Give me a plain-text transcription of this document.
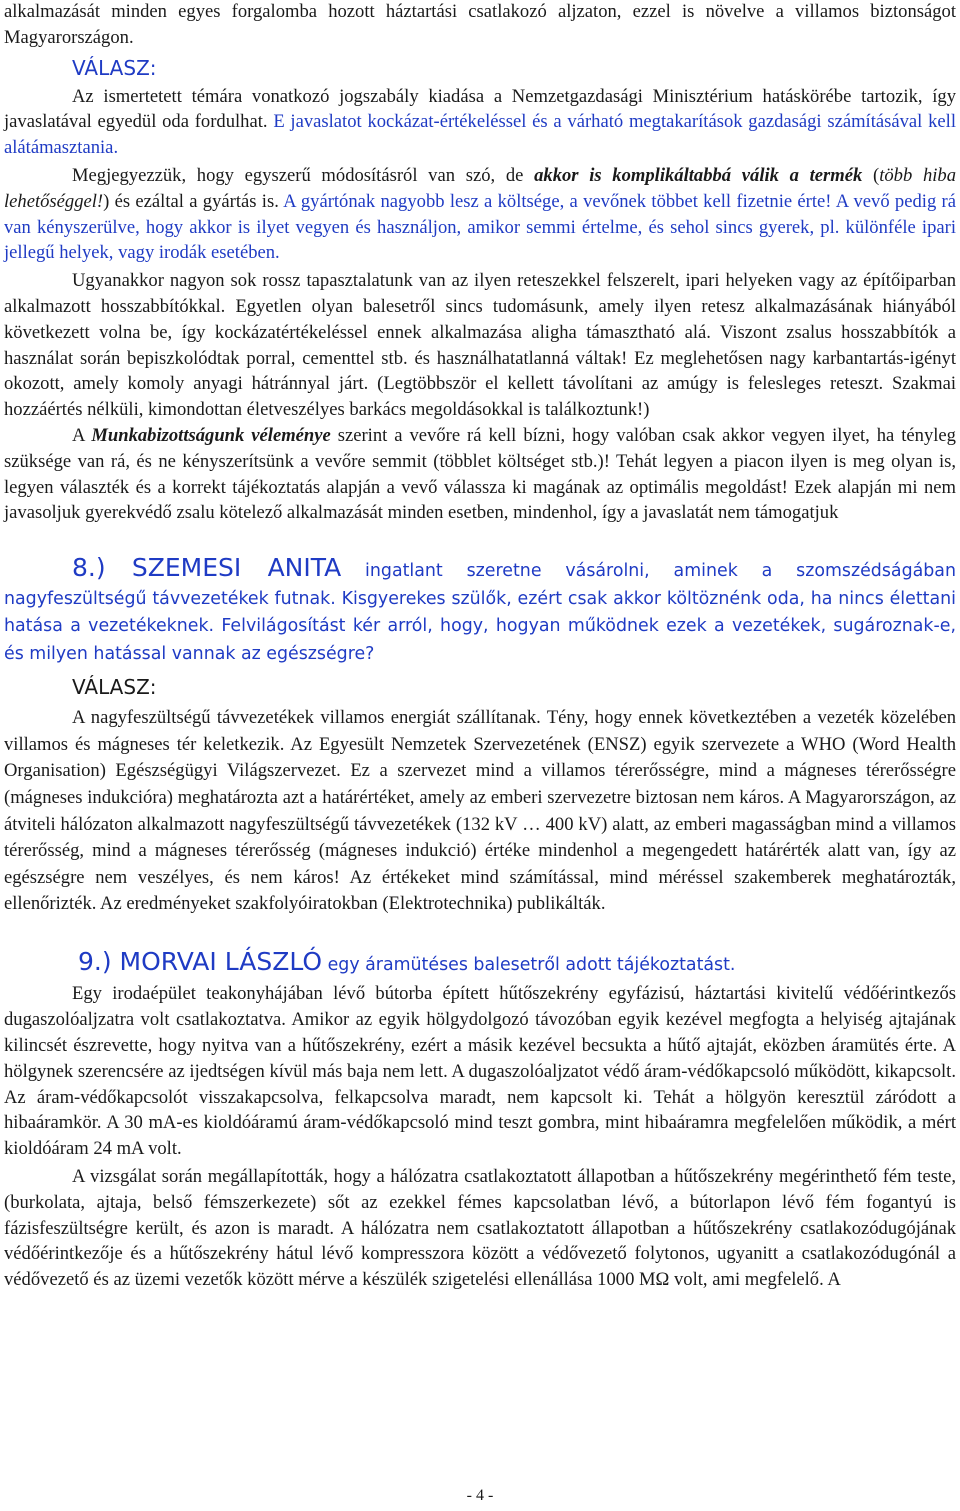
alkalmazását minden egyes forgalomba hozott háztartási csatlakozó aljzaton, ezzel is növelve a villamos biztonságot Magyarországon.

VÁLASZ:

Az ismertetett témára vonatkozó jogszabály kiadása a Nemzetgazdasági Minisztérium hatáskörébe tartozik, így javaslatával egyedül oda fordulhat. E javaslatot kockázat-értékeléssel és a várható megtakarítások gazdasági számításával kell alátámasztania.

Megjegyezzük, hogy egyszerű módosításról van szó, de akkor is komplikáltabbá válik a termék (több hiba lehetőséggel!) és ezáltal a gyártás is. A gyártónak nagyobb lesz a költsége, a vevőnek többet kell fizetnie érte! A vevő pedig rá van kényszerülve, hogy akkor is ilyet vegyen és használjon, amikor semmi értelme, és sehol sincs gyerek, pl. különféle ipari jellegű helyek, vagy irodák esetében.

Ugyanakkor nagyon sok rossz tapasztalatunk van az ilyen reteszekkel felszerelt, ipari helyeken vagy az építőiparban alkalmazott hosszabbítókkal. Egyetlen olyan balesetről sincs tudomásunk, amely ilyen retesz alkalmazásának hiányából következett volna be, így kockázatértékeléssel ennek alkalmazása aligha támasztható alá. Viszont zsalus hosszabbítók a használat során bepiszkolódtak porral, cementtel stb. és használhatatlanná váltak! Ez meglehetősen nagy karbantartás-igényt okozott, amely komoly anyagi hátránnyal járt. (Legtöbbször el kellett távolítani az amúgy is felesleges reteszt. Szakmai hozzáértés nélküli, kimondottan életveszélyes barkács megoldásokkal is találkoztunk!)

A Munkabizottságunk véleménye szerint a vevőre rá kell bízni, hogy valóban csak akkor vegyen ilyet, ha tényleg szüksége van rá, és ne kényszerítsünk a vevőre semmit (többlet költséget stb.)! Tehát legyen a piacon ilyen is meg olyan is, legyen választék és a korrekt tájékoztatás alapján a vevő válassza ki magának az optimális megoldást! Ezek alapján mi nem javasoljuk gyerekvédő zsalu kötelező alkalmazását minden esetben, mindenhol, így a javaslatát nem támogatjuk

8.) SZEMESI ANITA ingatlant szeretne vásárolni, aminek a szomszédságában nagyfeszültségű távvezetékek futnak. Kisgyerekes szülők, ezért csak akkor költöznénk oda, ha nincs élettani hatása a vezetékeknek. Felvilágosítást kér arról, hogy, hogyan működnek ezek a vezetékek, sugároznak-e, és milyen hatással vannak az egészségre?

VÁLASZ:

A nagyfeszültségű távvezetékek villamos energiát szállítanak. Tény, hogy ennek következtében a vezeték közelében villamos és mágneses tér keletkezik. Az Egyesült Nemzetek Szervezetének (ENSZ) egyik szervezete a WHO (Word Health Organisation) Egészségügyi Világszervezet. Ez a szervezet mind a villamos térerősségre, mind a mágneses térerősségre (mágneses indukcióra) meghatározta azt a határértéket, amely az emberi szervezetre biztosan nem káros. A Magyarországon, az átviteli hálózaton alkalmazott nagyfeszültségű távvezetékek (132 kV … 400 kV) alatt, az emberi magasságban mind a villamos térerősség, mind a mágneses térerősség (mágneses indukció) értéke mindenhol a megengedett határérték alatt van, így az egészségre nem veszélyes, és nem káros! Az értékeket mind számítással, mind méréssel szakemberek meghatározták, ellenőrizték. Az eredményeket szakfolyóiratokban (Elektrotechnika) publikálták.

9.) MORVAI LÁSZLÓ egy áramütéses balesetről adott tájékoztatást.

Egy irodaépület teakonyhájában lévő bútorba épített hűtőszekrény egyfázisú, háztartási kivitelű védőérintkezős dugaszolóaljzatra volt csatlakoztatva. Amikor az egyik hölgydolgozó távozóban egyik kezével megfogta a helyiség ajtajának kilincsét észrevette, hogy nyitva van a hűtőszekrény, ezért a másik kezével becsukta a hűtő ajtaját, eközben áramütés érte. A hölgynek szerencsére az ijedtségen kívül más baja nem lett. A dugaszolóaljzatot védő áram-védőkapcsoló működött, kikapcsolt. Az áram-védőkapcsolót visszakapcsolva, felkapcsolva maradt, nem kapcsolt ki. Tehát a hölgyön keresztül záródott a hibaáramkör. A 30 mA-es kioldóáramú áram-védőkapcsoló mind teszt gombra, mint hibaáramra megfelelően működik, a mért kioldóáram 24 mA volt.

A vizsgálat során megállapították, hogy a hálózatra csatlakoztatott állapotban a hűtőszekrény megérinthető fém teste, (burkolata, ajtaja, belső fémszerkezete) sőt az ezekkel fémes kapcsolatban lévő, a bútorlapon lévő fém fogantyú is fázisfeszültségre került, és azon is maradt. A hálózatra nem csatlakoztatott állapotban a hűtőszekrény csatlakozódugójának védőérintkezője és a hűtőszekrény hátul lévő kompresszora között a védővezető folytonos, ugyanitt a csatlakozódugónál a védővezető és az üzemi vezetők között mérve a készülék szigetelési ellenállása 1000 MΩ volt, ami megfelelő. A

- 4 -
